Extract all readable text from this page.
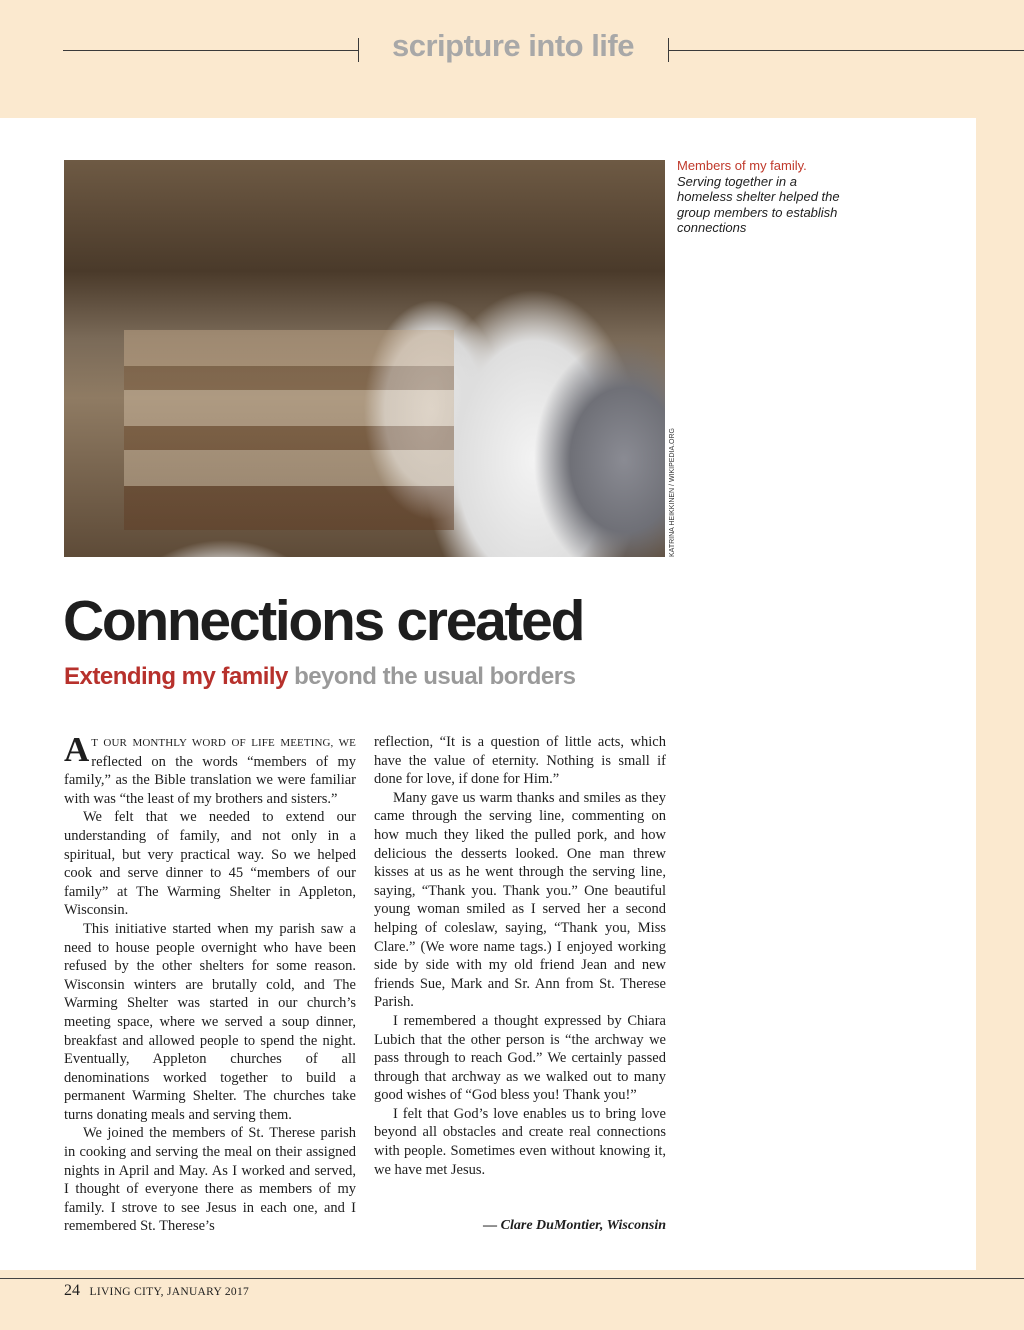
scripture into life
Members of my family.
Serving together in a homeless shelter helped the group members to establish connections
Connections created
Extending my family beyond the usual borders

A T OUR MONTHLY WORD OF LIFE MEETING, WE reflected on the words “members of my family,” as the Bible translation we were familiar with was “the least of my brothers and sisters.”

We felt that we needed to extend our understanding of family, and not only in a spiritual, but very practical way. So we helped cook and serve dinner to 45 “members of our family” at The Warming Shelter in Appleton, Wisconsin.

This initiative started when my parish saw a need to house people overnight who have been refused by the other shelters for some reason. Wisconsin winters are brutally cold, and The Warming Shelter was started in our church’s meeting space, where we served a soup dinner, breakfast and allowed people to spend the night. Eventually, Appleton churches of all denominations worked together to build a permanent Warming Shelter. The churches take turns donating meals and serving them.

We joined the members of St. Therese parish in cooking and serving the meal on their assigned nights in April and May. As I worked and served, I thought of everyone there as members of my family. I strove to see Jesus in each one, and I remembered St. Therese’s

reflection, “It is a question of little acts, which have the value of eternity. Nothing is small if done for love, if done for Him.”

Many gave us warm thanks and smiles as they came through the serving line, commenting on how much they liked the pulled pork, and how delicious the desserts looked. One man threw kisses at us as he went through the serving line, saying, “Thank you. Thank you.” One beautiful young woman smiled as I served her a second helping of coleslaw, saying, “Thank you, Miss Clare.” (We wore name tags.) I enjoyed working side by side with my old friend Jean and new friends Sue, Mark and Sr. Ann from St. Therese Parish.

I remembered a thought expressed by Chiara Lubich that the other person is “the archway we pass through to reach God.” We certainly passed through that archway as we walked out to many good wishes of “God bless you! Thank you!”

I felt that God’s love enables us to bring love beyond all obstacles and create real connections with people. Sometimes even without knowing it, we have met Jesus.

— Clare DuMontier, Wisconsin
24 LIVING CITY, JANUARY 2017
